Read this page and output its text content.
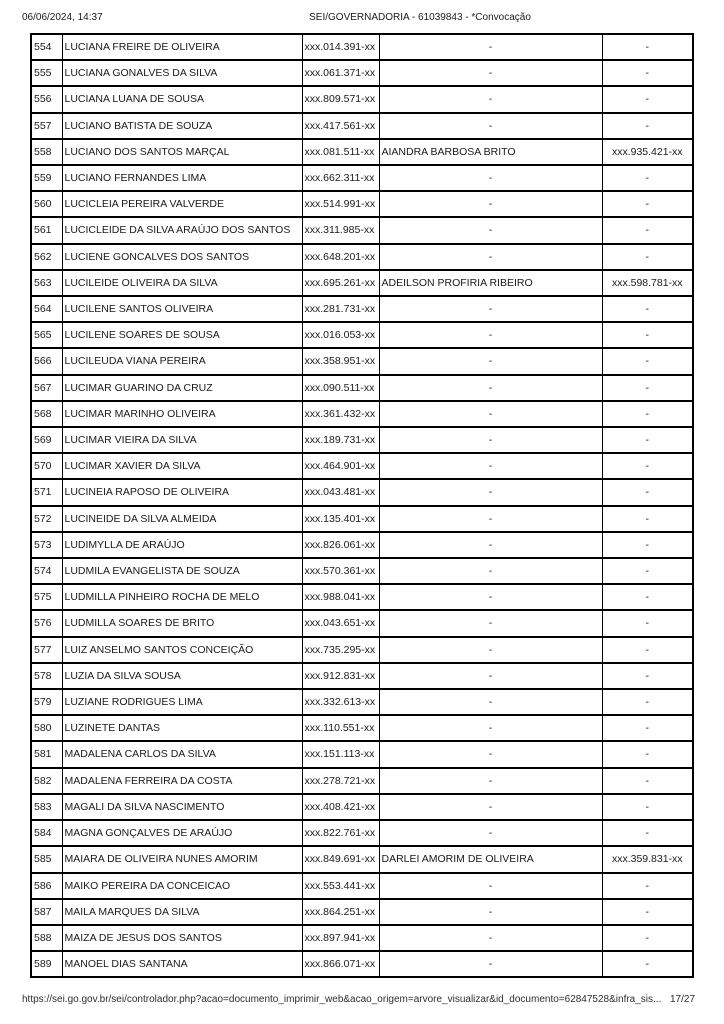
06/06/2024, 14:37	SEI/GOVERNADORIA - 61039843 - *Convocação
554	LUCIANA FREIRE DE OLIVEIRA	xxx.014.391-xx	-	-
555	LUCIANA GONALVES DA SILVA	xxx.061.371-xx	-	-
556	LUCIANA LUANA DE SOUSA	xxx.809.571-xx	-	-
557	LUCIANO BATISTA DE SOUZA	xxx.417.561-xx	-	-
558	LUCIANO DOS SANTOS MARÇAL	xxx.081.511-xx	AIANDRA BARBOSA BRITO	xxx.935.421-xx
559	LUCIANO FERNANDES LIMA	xxx.662.311-xx	-	-
560	LUCICLEIA PEREIRA VALVERDE	xxx.514.991-xx	-	-
561	LUCICLEIDE DA SILVA ARAÚJO DOS SANTOS	xxx.311.985-xx	-	-
562	LUCIENE GONCALVES DOS SANTOS	xxx.648.201-xx	-	-
563	LUCILEIDE OLIVEIRA DA SILVA	xxx.695.261-xx	ADEILSON PROFIRIA RIBEIRO	xxx.598.781-xx
564	LUCILENE SANTOS OLIVEIRA	xxx.281.731-xx	-	-
565	LUCILENE SOARES DE SOUSA	xxx.016.053-xx	-	-
566	LUCILEUDA VIANA PEREIRA	xxx.358.951-xx	-	-
567	LUCIMAR GUARINO DA CRUZ	xxx.090.511-xx	-	-
568	LUCIMAR MARINHO OLIVEIRA	xxx.361.432-xx	-	-
569	LUCIMAR VIEIRA DA SILVA	xxx.189.731-xx	-	-
570	LUCIMAR XAVIER DA SILVA	xxx.464.901-xx	-	-
571	LUCINEIA RAPOSO DE OLIVEIRA	xxx.043.481-xx	-	-
572	LUCINEIDE DA SILVA ALMEIDA	xxx.135.401-xx	-	-
573	LUDIMYLLA DE ARAÚJO	xxx.826.061-xx	-	-
574	LUDMILA EVANGELISTA DE SOUZA	xxx.570.361-xx	-	-
575	LUDMILLA PINHEIRO ROCHA DE MELO	xxx.988.041-xx	-	-
576	LUDMILLA SOARES DE BRITO	xxx.043.651-xx	-	-
577	LUIZ ANSELMO SANTOS CONCEIÇÃO	xxx.735.295-xx	-	-
578	LUZIA DA SILVA SOUSA	xxx.912.831-xx	-	-
579	LUZIANE RODRIGUES LIMA	xxx.332.613-xx	-	-
580	LUZINETE DANTAS	xxx.110.551-xx	-	-
581	MADALENA CARLOS DA SILVA	xxx.151.113-xx	-	-
582	MADALENA FERREIRA DA COSTA	xxx.278.721-xx	-	-
583	MAGALI DA SILVA NASCIMENTO	xxx.408.421-xx	-	-
584	MAGNA GONÇALVES DE ARAÚJO	xxx.822.761-xx	-	-
585	MAIARA DE OLIVEIRA NUNES AMORIM	xxx.849.691-xx	DARLEI AMORIM DE OLIVEIRA	xxx.359.831-xx
586	MAIKO PEREIRA DA CONCEICAO	xxx.553.441-xx	-	-
587	MAILA MARQUES DA SILVA	xxx.864.251-xx	-	-
588	MAIZA DE JESUS DOS SANTOS	xxx.897.941-xx	-	-
589	MANOEL DIAS SANTANA	xxx.866.071-xx	-	-
https://sei.go.gov.br/sei/controlador.php?acao=documento_imprimir_web&acao_origem=arvore_visualizar&id_documento=62847528&infra_sis... 17/27
